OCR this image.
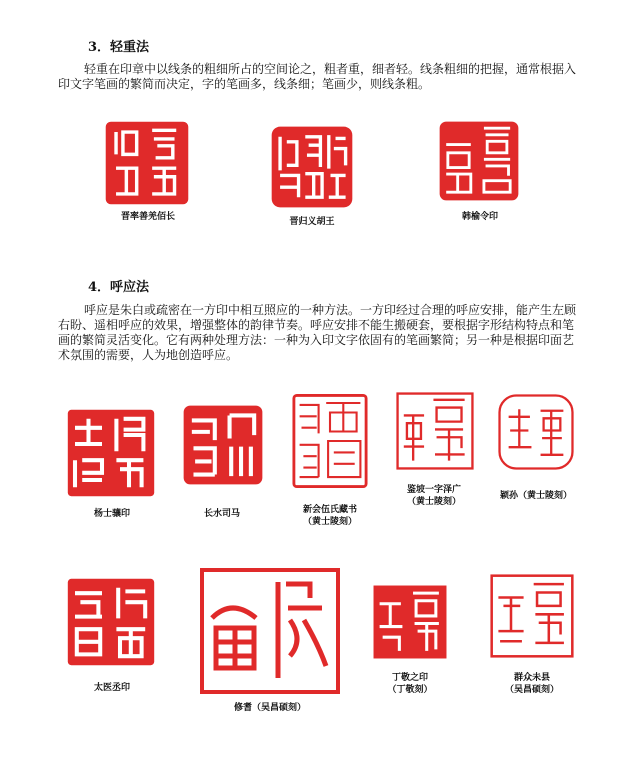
3．轻重法
轻重在印章中以线条的粗细所占的空间论之，粗者重，细者轻。线条粗细的把握，通常根据入印文字笔画的繁简而决定，字的笔画多，线条细；笔画少，则线条粗。
晋率善羌佰长	晋归义胡王	韩榆令印
4．呼应法
呼应是朱白或疏密在一方印中相互照应的一种方法。一方印经过合理的呼应安排，能产生左顾右盼、遥相呼应的效果，增强整体的韵律节奏。呼应安排不能生搬硬套，要根据字形结构特点和笔画的繁简灵活变化。它有两种处理方法：一种为入印文字依固有的笔画繁简；另一种是根据印面艺术氛围的需要，人为地创造呼应。
杨士骧印	长水司马	新会伍氏藏书
（黄士陵刻）
鉴坡一字泽广
（黄士陵刻）
颖孙（黄士陵刻）
太医丞印
修耆（吴昌硕刻）
丁敬之印
（丁敬刻）
群众未县
（吴昌硕刻）
